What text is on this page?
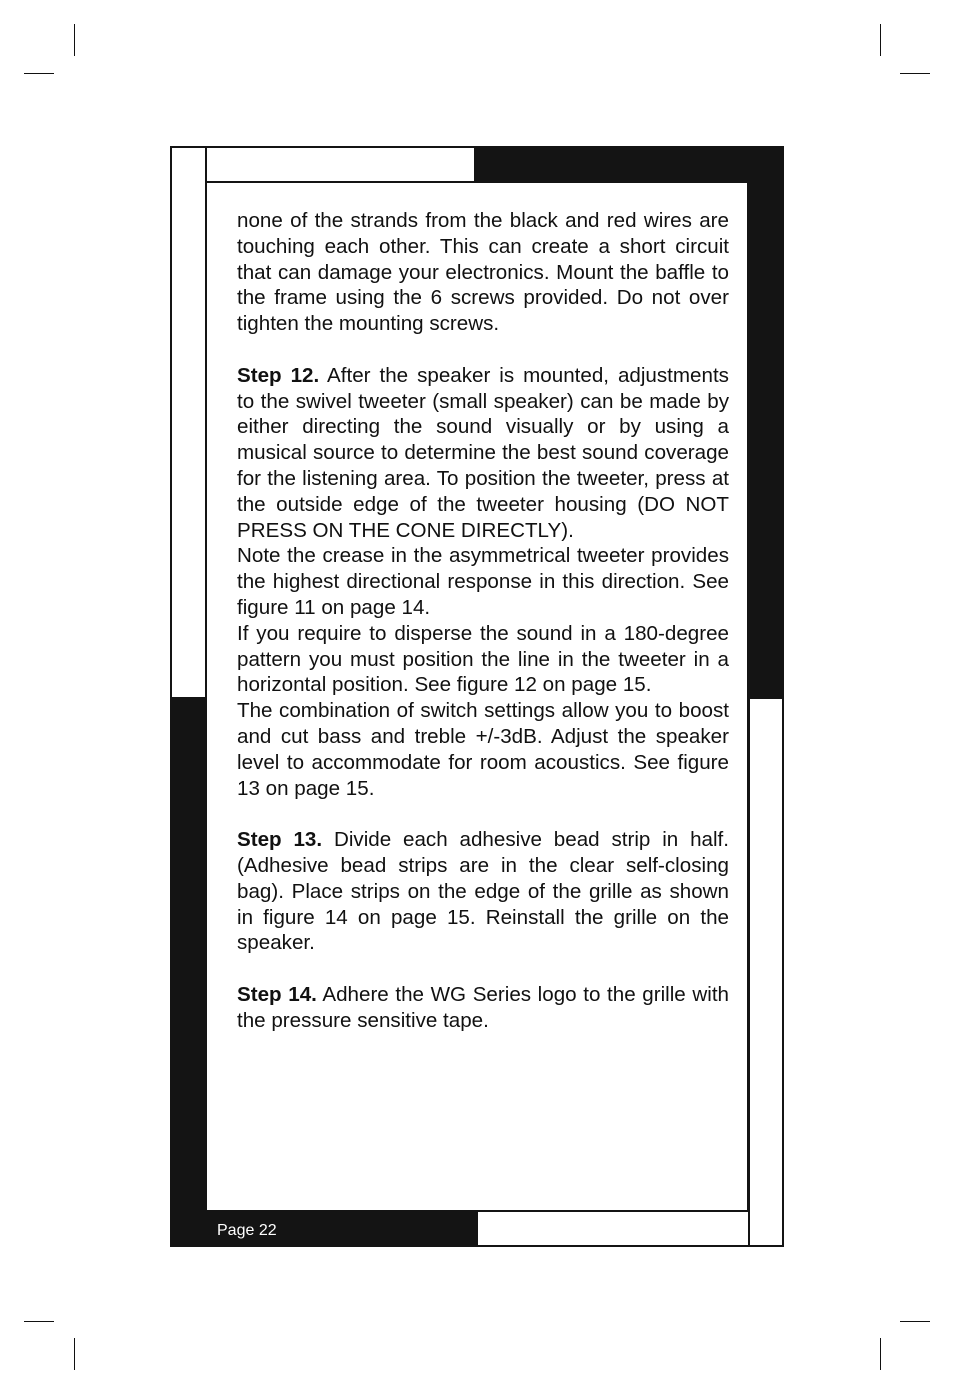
Page 22

none of the strands from the black and red wires are touching each other. This can create a short circuit that can damage your electronics. Mount the baffle to the frame using the 6 screws provided. Do not over tighten the mounting screws.

Step 12. After the speaker is mounted, adjustments to the swivel tweeter (small speaker) can be made by either directing the sound visually or by using a musical source to determine the best sound coverage for the listening area. To position the tweeter, press at the outside edge of the tweeter housing (DO NOT PRESS ON THE CONE DIRECTLY).

Note the crease in the asymmetrical tweeter provides the highest directional response in this direction. See figure 11 on page 14.

If you require to disperse the sound in a 180-degree pattern you must position the line in the tweeter in a horizontal position. See figure 12 on page 15.

The combination of switch settings allow you to boost and cut bass and treble +/-3dB. Adjust the speaker level to accommodate for room acoustics. See figure 13 on page 15.

Step 13. Divide each adhesive bead strip in half. (Adhesive bead strips are in the clear self-closing bag). Place strips on the edge of the grille as shown in figure 14 on page 15. Reinstall the grille on the speaker.

Step 14. Adhere the WG Series logo to the grille with the pressure sensitive tape.
